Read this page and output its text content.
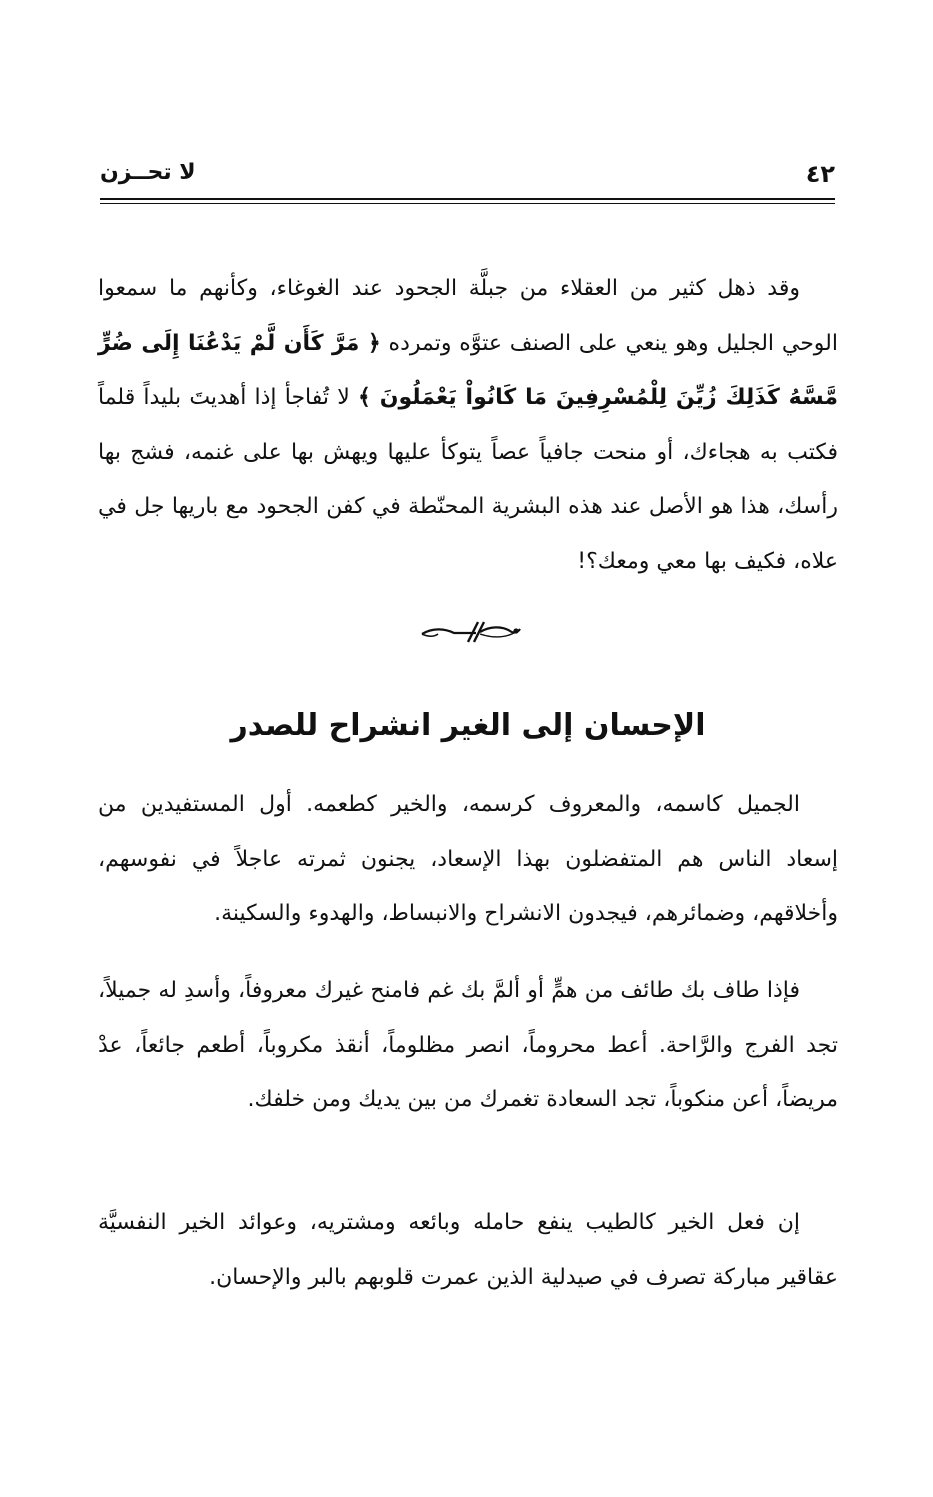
٤٢
لا تحــزن

وقد ذهل كثير من العقلاء من جبلَّة الجحود عند الغوغاء، وكأنهم ما سمعوا الوحي الجليل وهو ينعي على الصنف عتوَّه وتمرده ﴿ مَرَّ كَأَن لَّمْ يَدْعُنَا إِلَى ضُرٍّ مَّسَّهُ كَذَلِكَ زُيِّنَ لِلْمُسْرِفِينَ مَا كَانُواْ يَعْمَلُونَ ﴾ لا تُفاجأ إذا أهديتَ بليداً قلماً فكتب به هجاءك، أو منحت جافياً عصاً يتوكأ عليها ويهش بها على غنمه، فشج بها رأسك، هذا هو الأصل عند هذه البشرية المحنّطة في كفن الجحود مع باريها جل في علاه، فكيف بها معي ومعك؟!

الإحسان إلى الغير انشراح للصدر

الجميل كاسمه، والمعروف كرسمه، والخير كطعمه. أول المستفيدين من إسعاد الناس هم المتفضلون بهذا الإسعاد، يجنون ثمرته عاجلاً في نفوسهم، وأخلاقهم، وضمائرهم، فيجدون الانشراح والانبساط، والهدوء والسكينة.

فإذا طاف بك طائف من همٍّ أو ألمَّ بك غم فامنح غيرك معروفاً، وأسدِ له جميلاً، تجد الفرج والرَّاحة. أعط محروماً، انصر مظلوماً، أنقذ مكروباً، أطعم جائعاً، عدْ مريضاً، أعن منكوباً، تجد السعادة تغمرك من بين يديك ومن خلفك.

إن فعل الخير كالطيب ينفع حامله وبائعه ومشتريه، وعوائد الخير النفسيَّة عقاقير مباركة تصرف في صيدلية الذين عمرت قلوبهم بالبر والإحسان.
